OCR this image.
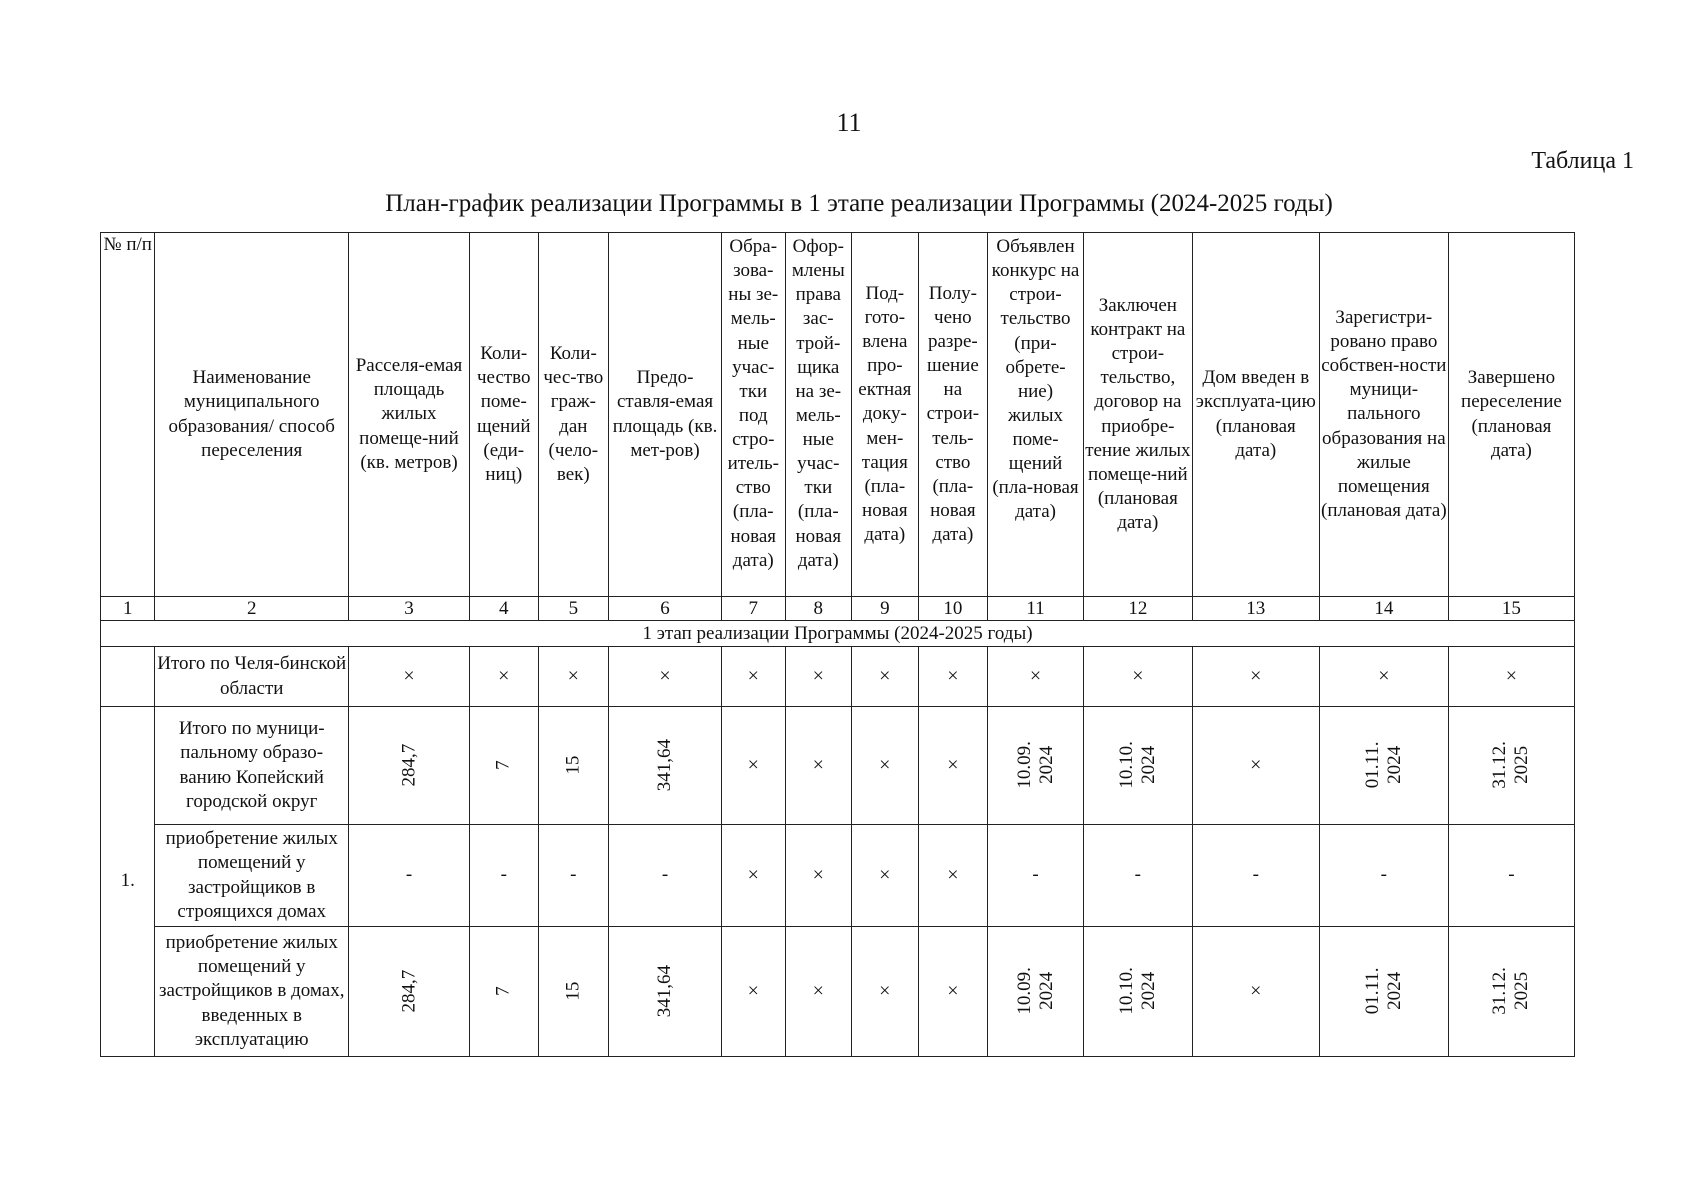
11
Таблица 1
План-график реализации Программы в 1 этапе реализации Программы (2024-2025 годы)
№ п/п	Наименование муниципального образования/ способ переселения	Расселя-емая площадь жилых помеще-ний (кв. метров)	Коли-чество поме-щений (еди-ниц)	Коли-чес-тво граж-дан (чело-век)	Предо-ставля-емая площадь (кв. мет-ров)	Обра-зова-ны зе-мель-ные учас-тки под стро-итель-ство (пла-новая дата)	Офор-млены права зас-трой-щика на зе-мель-ные учас-тки (пла-новая дата)	Под-гото-влена про-ектная доку-мен-тация (пла-новая дата)	Полу-чено разре-шение на строи-тель-ство (пла-новая дата)	Объявлен конкурс на строи-тельство (при-обрете-ние) жилых поме-щений (пла-новая дата)	Заключен контракт на строи-тельство, договор на приобре-тение жилых помеще-ний (плановая дата)	Дом введен в эксплуата-цию (плановая дата)	Зарегистри-ровано право собствен-ности муници-пального образования на жилые помещения (плановая дата)	Завершено переселение (плановая дата)
1	2	3	4	5	6	7	8	9	10	11	12	13	14	15
1 этап реализации Программы (2024-2025 годы)														
	Итого по Челя-бинской области	×	×	×	×	×	×	×	×	×	×	×	×	×
1.	Итого по муници-пальному образо-ванию Копейский городской округ	284,7	7	15	341,64	×	×	×	×	10.09. 2024	10.10. 2024	×	01.11. 2024	31.12. 2025
	приобретение жилых помещений у застройщиков в строящихся домах	-	-	-	-	×	×	×	×	-	-	-	-	-
	приобретение жилых помещений у застройщиков в домах, введенных в эксплуатацию	284,7	7	15	341,64	×	×	×	×	10.09. 2024	10.10. 2024	×	01.11. 2024	31.12. 2025
